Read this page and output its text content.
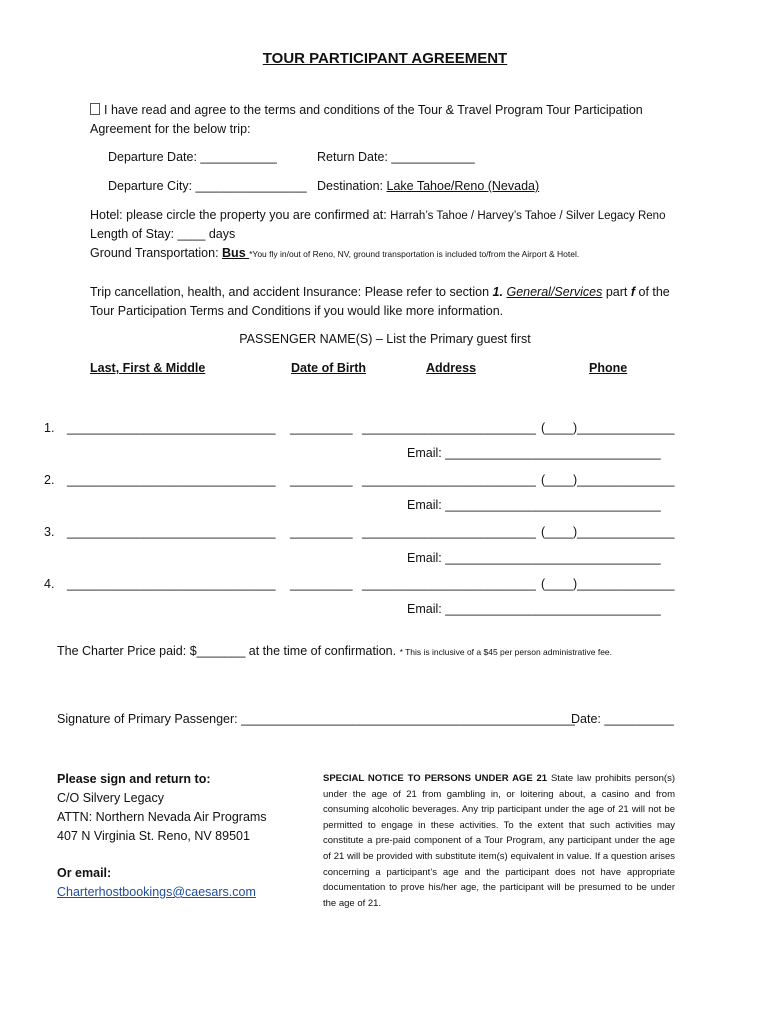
TOUR PARTICIPANT AGREEMENT
I have read and agree to the terms and conditions of the Tour & Travel Program Tour Participation Agreement for the below trip:
Departure Date: ___________	Return Date: ____________
Departure City: ________________ Destination: Lake Tahoe/Reno (Nevada)
Hotel: please circle the property you are confirmed at: Harrah’s Tahoe / Harvey’s Tahoe / Silver Legacy Reno
Length of Stay: ____ days
Ground Transportation: Bus *You fly in/out of Reno, NV, ground transportation is included to/from the Airport & Hotel.
Trip cancellation, health, and accident Insurance: Please refer to section 1. General/Services part f of the Tour Participation Terms and Conditions if you would like more information.
PASSENGER NAME(S) – List the Primary guest first
Last, First & Middle	Date of Birth	Address	Phone
1. ______________________________ _________ _________________________ (____)______________
Email: _______________________________
2. ______________________________ _________ _________________________ (____)______________
Email: _______________________________
3. ______________________________ _________ _________________________ (____)______________
Email: _______________________________
4. ______________________________ _________ _________________________ (____)______________
Email: _______________________________
The Charter Price paid: $_______ at the time of confirmation. * This is inclusive of a $45 per person administrative fee.
Signature of Primary Passenger: ________________________________________________
Date: __________
Please sign and return to:
C/O Silvery Legacy
ATTN: Northern Nevada Air Programs
407 N Virginia St. Reno, NV 89501
Or email:
Charterhostbookings@caesars.com
SPECIAL NOTICE TO PERSONS UNDER AGE 21 State law prohibits person(s) under the age of 21 from gambling in, or loitering about, a casino and from consuming alcoholic beverages. Any trip participant under the age of 21 will not be permitted to engage in these activities. To the extent that such activities may constitute a pre-paid component of a Tour Program, any participant under the age of 21 will be provided with substitute item(s) equivalent in value. If a question arises concerning a participant’s age and the participant does not have appropriate documentation to prove his/her age, the participant will be presumed to be under the age of 21.
